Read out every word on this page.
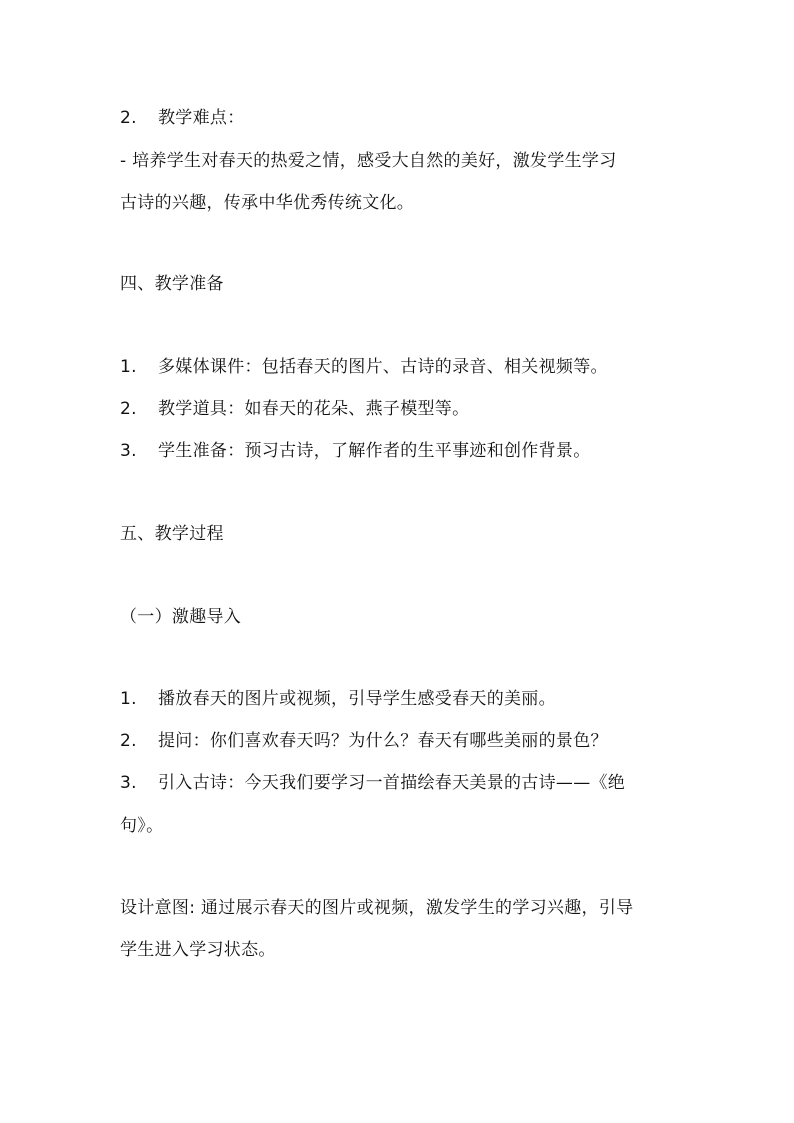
2. 教学难点：
- 培养学生对春天的热爱之情，感受大自然的美好，激发学生学习
古诗的兴趣，传承中华优秀传统文化。
四、教学准备
1. 多媒体课件：包括春天的图片、古诗的录音、相关视频等。
2. 教学道具：如春天的花朵、燕子模型等。
3. 学生准备：预习古诗，了解作者的生平事迹和创作背景。
五、教学过程
（一）激趣导入
1. 播放春天的图片或视频，引导学生感受春天的美丽。
2. 提问：你们喜欢春天吗？为什么？春天有哪些美丽的景色？
3. 引入古诗：今天我们要学习一首描绘春天美景的古诗——《绝
句》。
设计意图: 通过展示春天的图片或视频，激发学生的学习兴趣，引导
学生进入学习状态。
